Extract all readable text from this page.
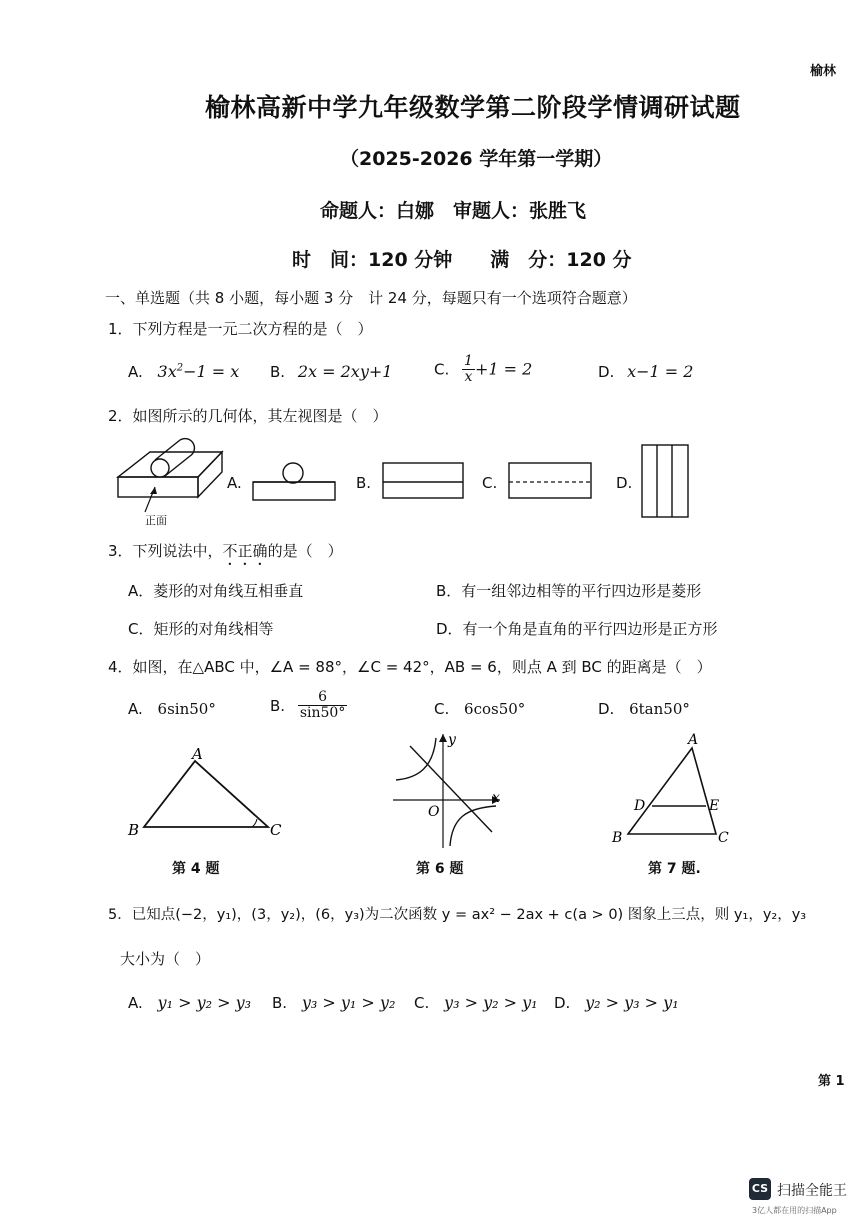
榆林
榆林高新中学九年级数学第二阶段学情调研试题
（2025-2026 学年第一学期）
命题人：白娜　审题人：张胜飞
时　间：120 分钟　　满　分：120 分
一、单选题（共 8 小题，每小题 3 分　计 24 分，每题只有一个选项符合题意）
1．下列方程是一元二次方程的是（　）
A. $3x^2-1 = x$ B. 2x = 2xy+1	C. $\frac{1}{x} +1 = 2$	D. x−1 = 2
2．如图所示的几何体，其左视图是（　）
正面
A.	B.	C.	D.
3．下列说法中，不正确的是（　）
A．菱形的对角线互相垂直	B．有一组邻边相等的平行四边形是菱形
C．矩形的对角线相等	D．有一个角是直角的平行四边形是正方形
4．如图，在△ABC 中，∠A = 88°，∠C = 42°，AB = 6，则点 A 到 BC 的距离是（　）
A. 6sin50°	B. $\frac{6}{\sin 50^\circ}$	C. 6cos50°	D. 6tan50°
A
B	C
第 4 题
y
x
O
第 6 题
A
B	C
D	E
第 7 题.
5．已知点(−2，y₁)，(3，y₂)，(6，y₃)为二次函数 y = ax² − 2ax + c(a > 0) 图象上三点，则 y₁，y₂，y₃
大小为（　）
A. y₁ > y₂ > y₃ B. y₃ > y₁ > y₂ C. y₃ > y₂ > y₁ D. y₂ > y₃ > y₁
第 1
CS 扫描全能王
3亿人都在用的扫描App
